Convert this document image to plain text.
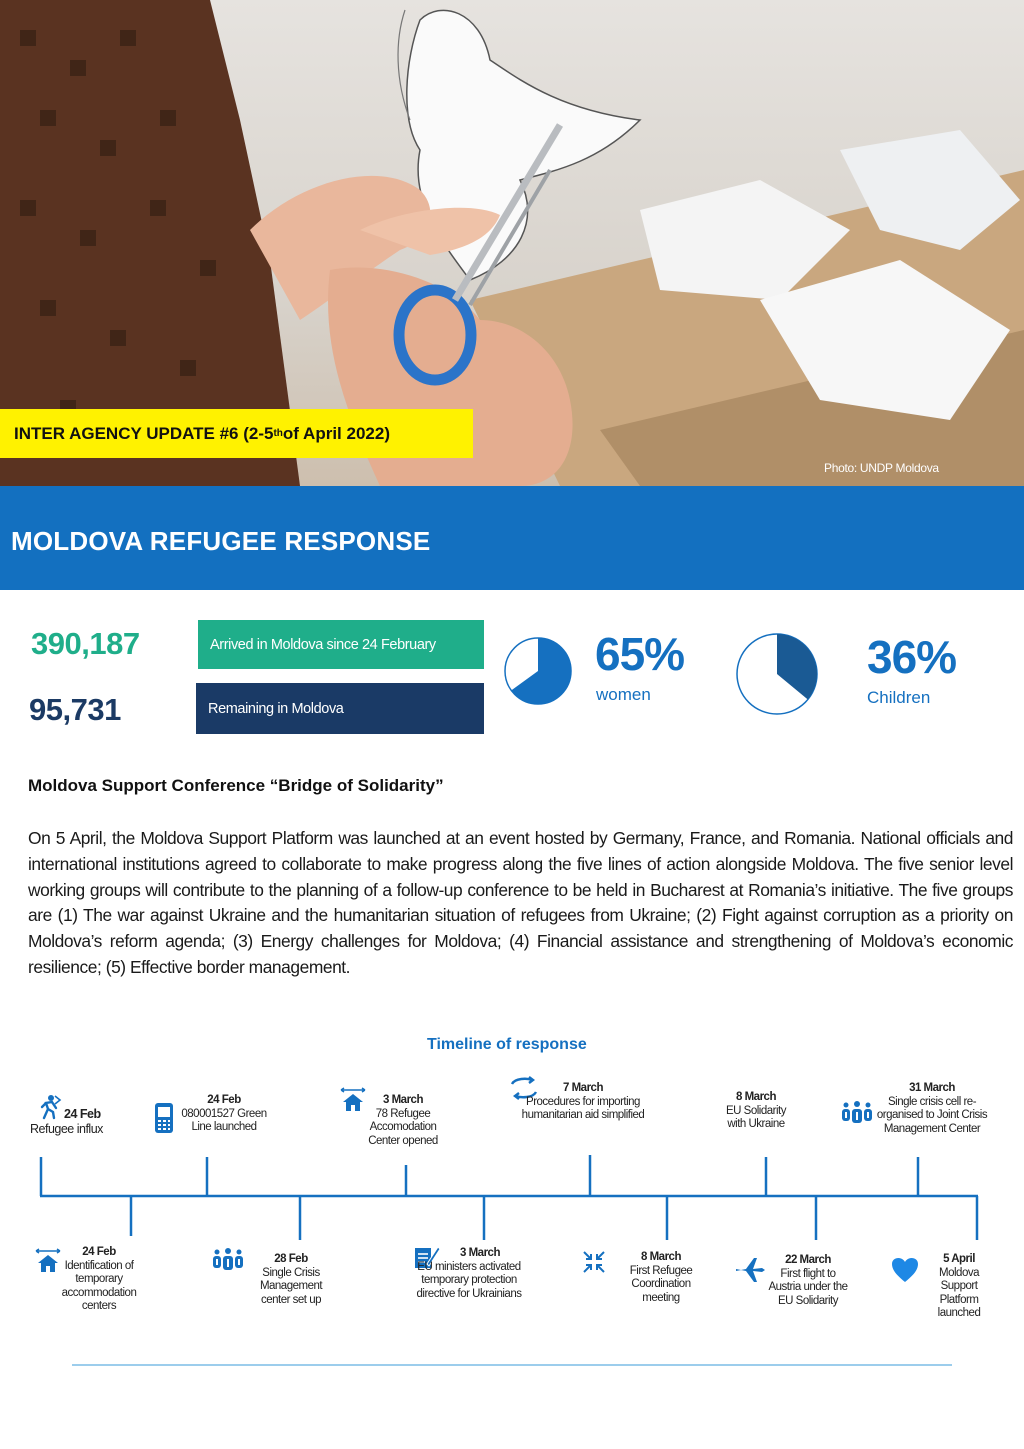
INTER AGENCY UPDATE #6 (2-5 th of April 2022)
Photo: UNDP Moldova
MOLDOVA REFUGEE RESPONSE
390,187	Arrived in Moldova since 24 February
95,731	Remaining in Moldova
65%
women
36%
Children
Moldova Support Conference “Bridge of Solidarity”
On 5 April, the Moldova Support Platform was launched at an event hosted by Germany, France, and Romania. National officials and international institutions agreed to collaborate to make progress along the five lines of action alongside Moldova. The five senior level working groups will contribute to the planning of a follow-up conference to be held in Bucharest at Romania’s initiative. The five groups are (1) The war against Ukraine and the humanitarian situation of refugees from Ukraine; (2) Fight against corruption as a priority on Moldova’s reform agenda; (3) Energy challenges for Moldova; (4) Financial assistance and strengthening of Moldova’s economic resilience; (5) Effective border management.
Timeline of response
24 Feb
Refugee influx
24 Feb
080001527 Green Line launched
3 March
78 Refugee Accomodation Center opened
7 March
Procedures for importing humanitarian aid simplified
8 March
EU Solidarity with Ukraine
31 March
Single crisis cell re-organised to Joint Crisis Management Center
24 Feb
Identification of temporary accommodation centers
28 Feb
Single Crisis Management center set up
3 March
EU ministers activated temporary protection directive for Ukrainians
8 March
First Refugee Coordination meeting
22 March
First flight to Austria under the EU Solidarity
5 April
Moldova Support Platform launched
